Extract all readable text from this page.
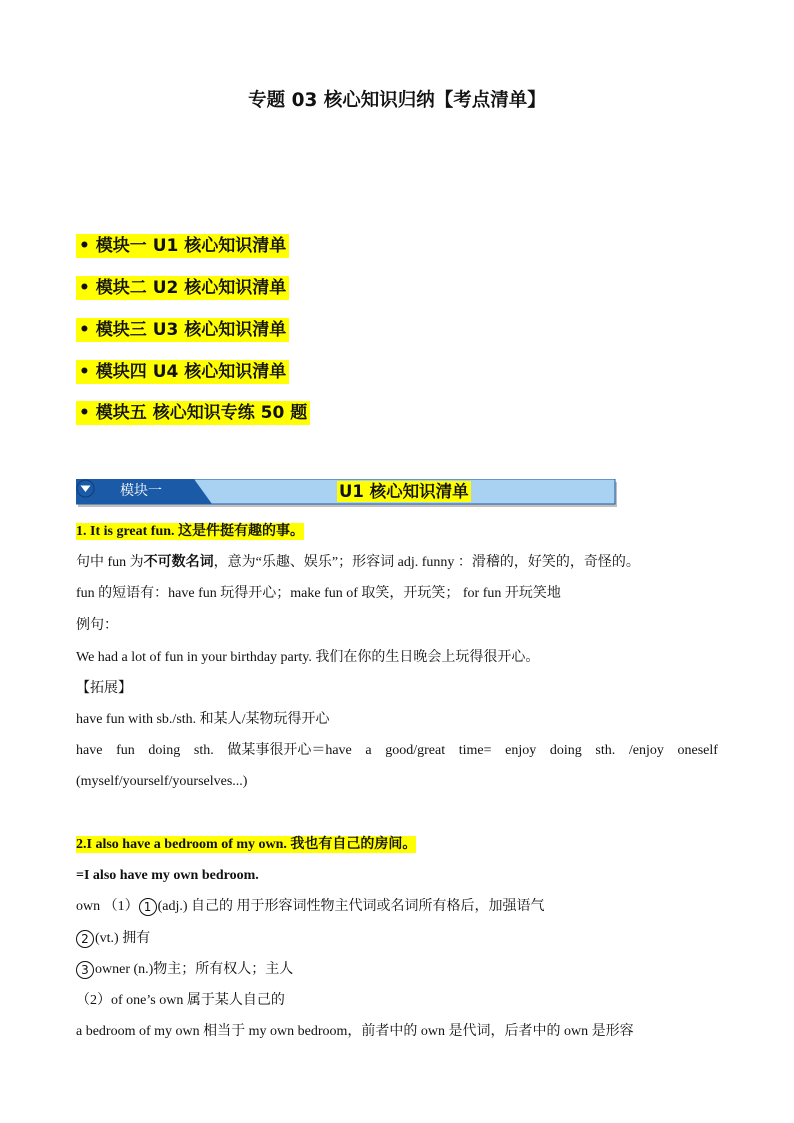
专题 03 核心知识归纳【考点清单】
• 模块一 U1 核心知识清单
• 模块二 U2 核心知识清单
• 模块三 U3 核心知识清单
• 模块四 U4 核心知识清单
• 模块五 核心知识专练 50 题
模块一	U1 核心知识清单
1. It is great fun. 这是件挺有趣的事。
句中 fun 为不可数名词，意为“乐趣、娱乐”；形容词 adj. funny ：滑稽的，好笑的，奇怪的。
fun 的短语有：have fun 玩得开心；make fun of 取笑，开玩笑； for fun 开玩笑地
例句：
We had a lot of fun in your birthday party. 我们在你的生日晚会上玩得很开心。
【拓展】
have fun with sb./sth. 和某人/某物玩得开心
have fun doing sth. 做某事很开心＝have a good/great time= enjoy doing sth. /enjoy oneself
(myself/yourself/yourselves...)
2.I also have a bedroom of my own. 我也有自己的房间。
=I also have my own bedroom.
own （1） 1 (adj.) 自己的 用于形容词性物主代词或名词所有格后，加强语气
2 (vt.) 拥有
3 owner (n.)物主；所有权人；主人
（2）of one’s own 属于某人自己的
a bedroom of my own 相当于 my own bedroom，前者中的 own 是代词，后者中的 own 是形容
